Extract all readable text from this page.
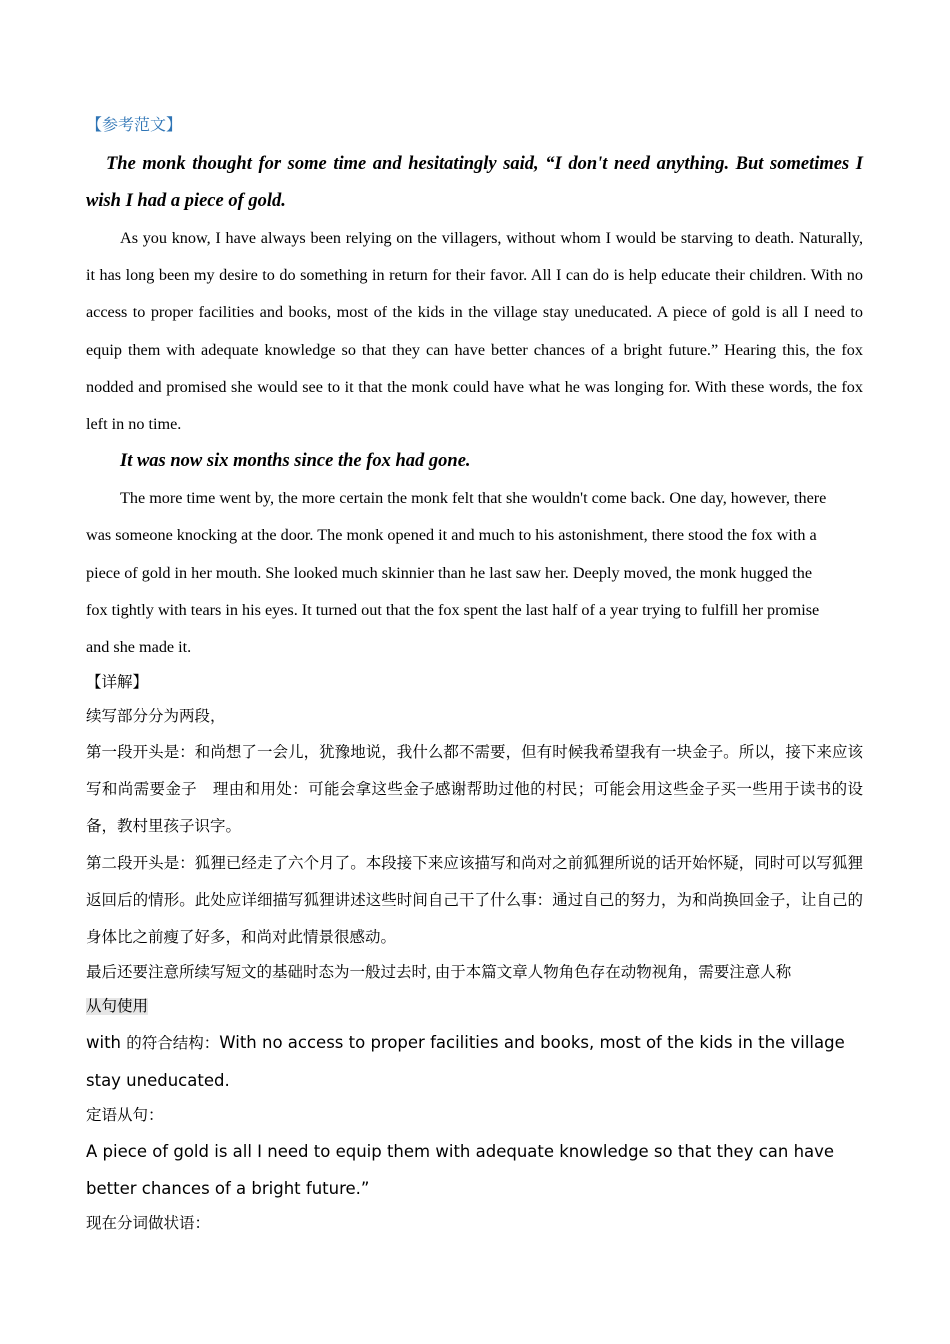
【参考范文】

The monk thought for some time and hesitatingly said, “I don't need anything. But sometimes I wish I had a piece of gold.

As you know, I have always been relying on the villagers, without whom I would be starving to death. Naturally, it has long been my desire to do something in return for their favor. All I can do is help educate their children. With no access to proper facilities and books, most of the kids in the village stay uneducated. A piece of gold is all I need to equip them with adequate knowledge so that they can have better chances of a bright future.” Hearing this, the fox nodded and promised she would see to it that the monk could have what he was longing for. With these words, the fox left in no time.

It was now six months since the fox had gone.

The more time went by, the more certain the monk felt that she wouldn't come back. One day, however, there

was someone knocking at the door. The monk opened it and much to his astonishment, there stood the fox with a

piece of gold in her mouth. She looked much skinnier than he last saw her. Deeply moved, the monk hugged the

fox tightly with tears in his eyes. It turned out that the fox spent the last half of a year trying to fulfill her promise

and she made it.

【详解】

续写部分分为两段，

第一段开头是：和尚想了一会儿，犹豫地说，我什么都不需要，但有时候我希望我有一块金子。所以，接下来应该写和尚需要金子　理由和用处：可能会拿这些金子感谢帮助过他的村民；可能会用这些金子买一些用于读书的设备，教村里孩子识字。

第二段开头是：狐狸已经走了六个月了。本段接下来应该描写和尚对之前狐狸所说的话开始怀疑，同时可以写狐狸返回后的情形。此处应详细描写狐狸讲述这些时间自己干了什么事：通过自己的努力，为和尚换回金子，让自己的身体比之前瘦了好多，和尚对此情景很感动。

最后还要注意所续写短文的基础时态为一般过去时, 由于本篇文章人物角色存在动物视角，需要注意人称

从句使用

with 的符合结构：With no access to proper facilities and books, most of the kids in the village stay uneducated.

定语从句：

A piece of gold is all I need to equip them with adequate knowledge so that they can have better chances of a bright future.”

现在分词做状语：
